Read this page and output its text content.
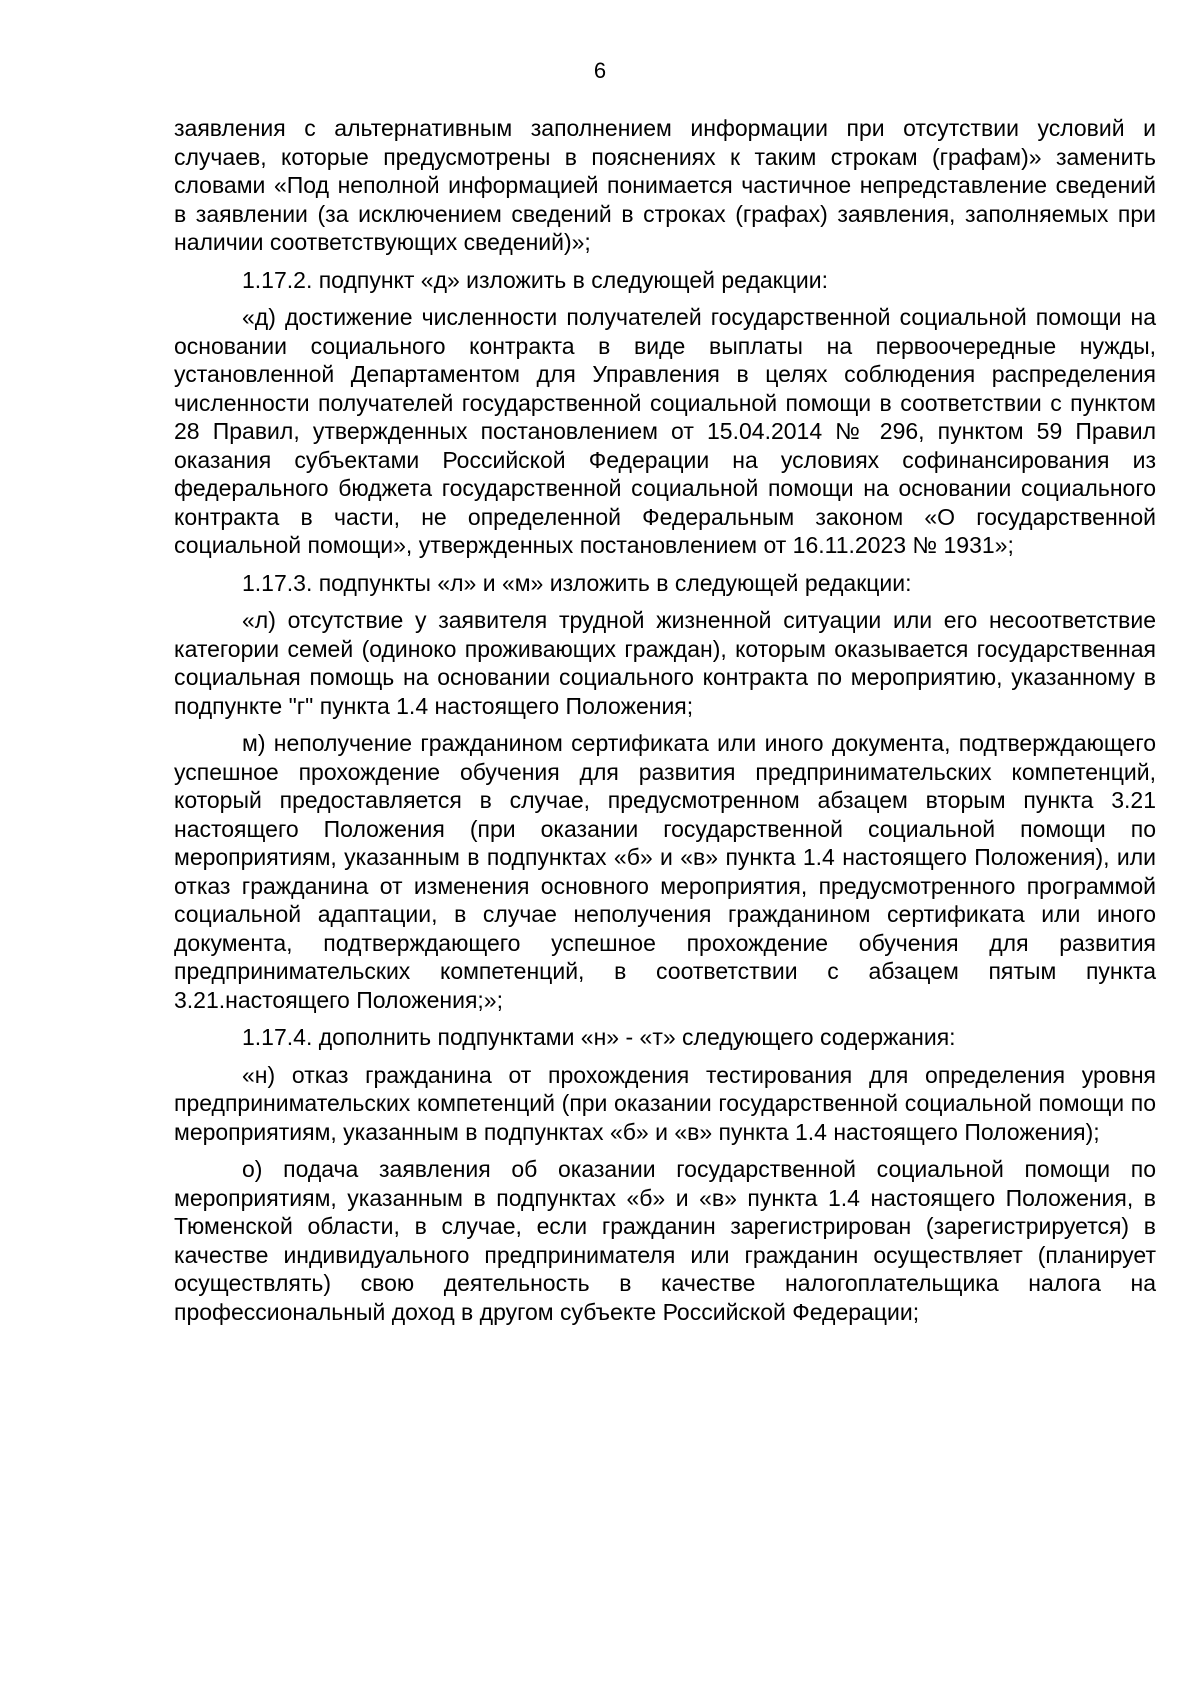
6

заявления с альтернативным заполнением информации при отсутствии условий и случаев, которые предусмотрены в пояснениях к таким строкам (графам)» заменить словами «Под неполной информацией понимается частичное непредставление сведений в заявлении (за исключением сведений в строках (графах) заявления, заполняемых при наличии соответствующих сведений)»;

1.17.2. подпункт «д» изложить в следующей редакции:

«д) достижение численности получателей государственной социальной помощи на основании социального контракта в виде выплаты на первоочередные нужды, установленной Департаментом для Управления в целях соблюдения распределения численности получателей государственной социальной помощи в соответствии с пунктом 28 Правил, утвержденных постановлением от 15.04.2014 № 296, пунктом 59 Правил оказания субъектами Российской Федерации на условиях софинансирования из федерального бюджета государственной социальной помощи на основании социального контракта в части, не определенной Федеральным законом «О государственной социальной помощи», утвержденных постановлением от 16.11.2023 № 1931»;

1.17.3. подпункты «л» и «м» изложить в следующей редакции:

«л) отсутствие у заявителя трудной жизненной ситуации или его несоответствие категории семей (одиноко проживающих граждан), которым оказывается государственная социальная помощь на основании социального контракта по мероприятию, указанному в подпункте "г" пункта 1.4 настоящего Положения;

м) неполучение гражданином сертификата или иного документа, подтверждающего успешное прохождение обучения для развития предпринимательских компетенций, который предоставляется в случае, предусмотренном абзацем вторым пункта 3.21 настоящего Положения (при оказании государственной социальной помощи по мероприятиям, указанным в подпунктах «б» и «в» пункта 1.4 настоящего Положения), или отказ гражданина от изменения основного мероприятия, предусмотренного программой социальной адаптации, в случае неполучения гражданином сертификата или иного документа, подтверждающего успешное прохождение обучения для развития предпринимательских компетенций, в соответствии с абзацем пятым пункта 3.21.настоящего Положения;»;

1.17.4. дополнить подпунктами «н» - «т» следующего содержания:

«н) отказ гражданина от прохождения тестирования для определения уровня предпринимательских компетенций (при оказании государственной социальной помощи по мероприятиям, указанным в подпунктах «б» и «в» пункта 1.4 настоящего Положения);

о) подача заявления об оказании государственной социальной помощи по мероприятиям, указанным в подпунктах «б» и «в» пункта 1.4 настоящего Положения, в Тюменской области, в случае, если гражданин зарегистрирован (зарегистрируется) в качестве индивидуального предпринимателя или гражданин осуществляет (планирует осуществлять) свою деятельность в качестве налогоплательщика налога на профессиональный доход в другом субъекте Российской Федерации;
